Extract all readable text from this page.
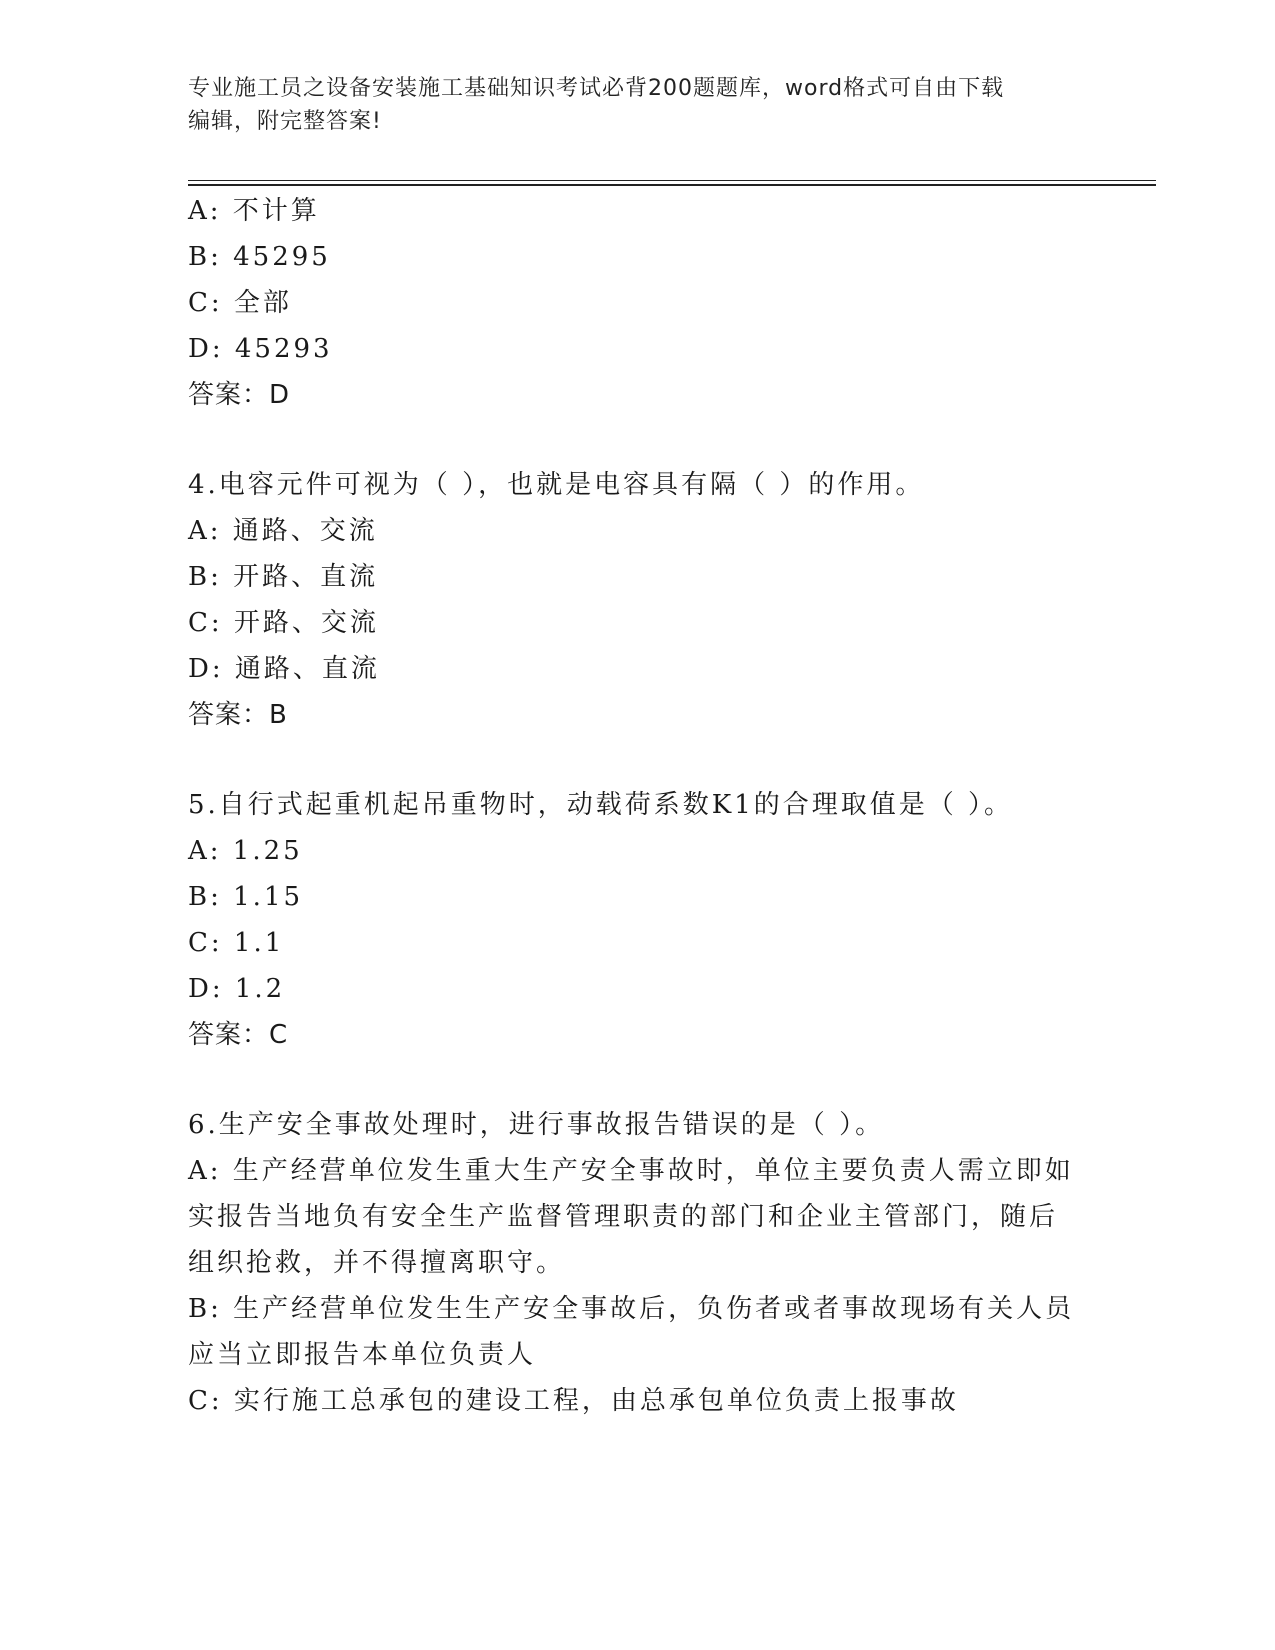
专业施工员之设备安装施工基础知识考试必背200题题库，word格式可自由下载
编辑，附完整答案!
A: 不计算
B: 45295
C: 全部
D: 45293
答案：D
4.电容元件可视为（ ），也就是电容具有隔（ ）的作用。
A: 通路、交流
B: 开路、直流
C: 开路、交流
D: 通路、直流
答案：B
5.自行式起重机起吊重物时，动载荷系数K1的合理取值是（ ）。
A: 1.25
B: 1.15
C: 1.1
D: 1.2
答案：C
6.生产安全事故处理时，进行事故报告错误的是（ ）。
A: 生产经营单位发生重大生产安全事故时，单位主要负责人需立即如
实报告当地负有安全生产监督管理职责的部门和企业主管部门，随后
组织抢救，并不得擅离职守。
B: 生产经营单位发生生产安全事故后，负伤者或者事故现场有关人员
应当立即报告本单位负责人
C: 实行施工总承包的建设工程，由总承包单位负责上报事故
